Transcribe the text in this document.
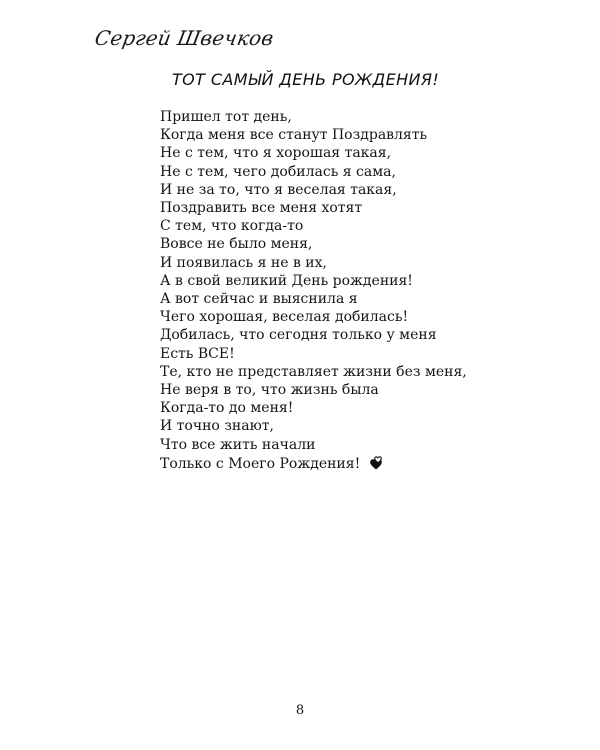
Сергей Швечков
ТОТ САМЫЙ ДЕНЬ РОЖДЕНИЯ!
Пришел тот день,
Когда меня все станут Поздравлять
Не с тем, что я хорошая такая,
Не с тем, чего добилась я сама,
И не за то, что я веселая такая,
Поздравить все меня хотят
С тем, что когда-то
Вовсе не было меня,
И появилась я не в их,
А в свой великий День рождения!
А вот сейчас и выяснила я
Чего хорошая, веселая добилась!
Добилась, что сегодня только у меня
Есть ВСЕ!
Те, кто не представляет жизни без меня,
Не веря в то, что жизнь была
Когда-то до меня!
И точно знают,
Что все жить начали
Только с Моего Рождения!
8
